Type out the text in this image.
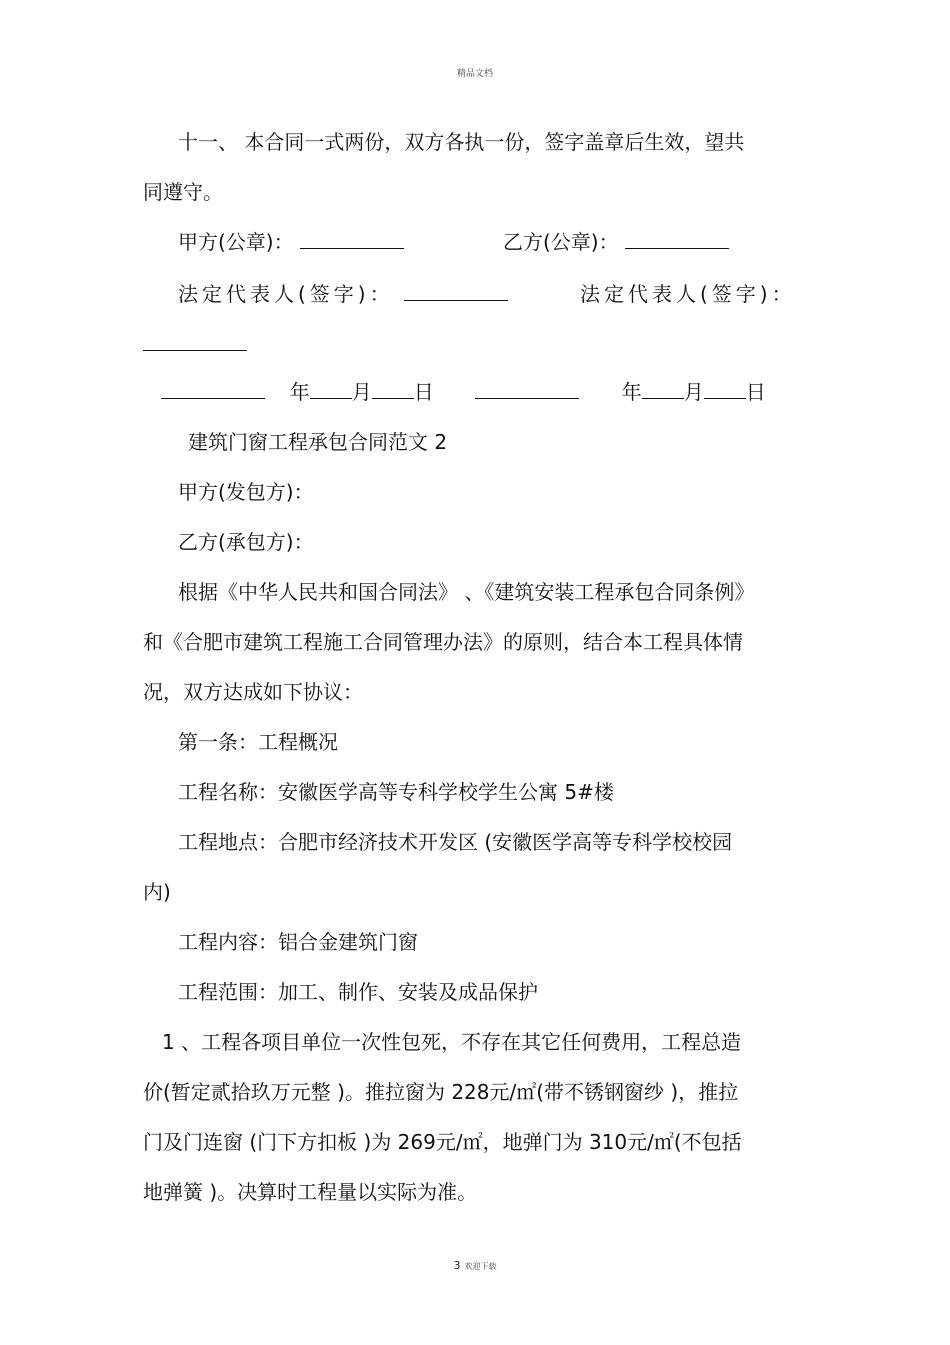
精品文档
十一、 本合同一式两份，双方各执一份，签字盖章后生效，望共
同遵守。
甲方(公章)：	乙方(公章)：
法定代表人(签字)：	法定代表人(签字)：
年 月 日	年 月 日
建筑门窗工程承包合同范文 2
甲方(发包方)：
乙方(承包方)：
根据《中华人民共和国合同法》 、《建筑安装工程承包合同条例》
和《合肥市建筑工程施工合同管理办法》的原则，结合本工程具体情
况，双方达成如下协议：
第一条：工程概况
工程名称：安徽医学高等专科学校学生公寓 5#楼
工程地点：合肥市经济技术开发区 (安徽医学高等专科学校校园
内)
工程内容：铝合金建筑门窗
工程范围：加工、制作、安装及成品保护
1 、工程各项目单位一次性包死，不存在其它任何费用，工程总造
价(暂定贰拾玖万元整 )。推拉窗为 228元/㎡(带不锈钢窗纱 )，推拉
门及门连窗 (门下方扣板 )为 269元/㎡，地弹门为 310元/㎡(不包括
地弹簧 )。决算时工程量以实际为准。
3 欢迎下载
